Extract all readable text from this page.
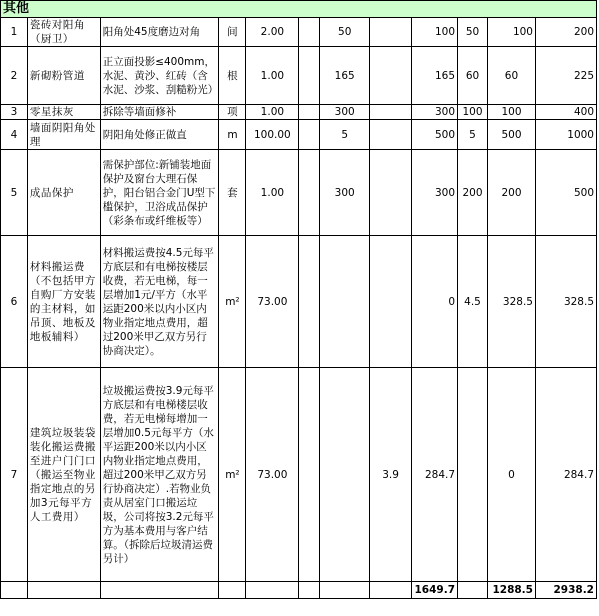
其他
1	瓷砖对阳角（厨卫）	阳角处45度磨边对角	间	2.00		50		100	50	100	200
2	新砌粉管道	正立面投影≤400mm，水泥、黄沙、红砖（含水泥、沙浆、刮糙粉光）	根	1.00		165		165	60	60	225
3	零星抹灰	拆除等墙面修补	项	1.00		300		300	100	100	400
4	墙面阴阳角处理	阴阳角处修正做直	m	100.00		5		500	5	500	1000
5	成品保护	需保护部位:新铺装地面保护及窗台大理石保护，阳台铝合金门U型下槛保护，卫浴成品保护（彩条布或纤维板等）	套	1.00		300		300	200	200	500
6	材料搬运费（不包括甲方自购厂方安装的主材料，如吊顶、地板及地板辅料）	材料搬运费按4.5元每平方底层和有电梯按楼层收费，若无电梯，每一层增加1元/平方（水平运距200米以内小区内物业指定地点费用，超过200米甲乙双方另行协商决定）。	m²	73.00				0	4.5	328.5	328.5
7	建筑垃圾装袋装化搬运费搬至进户门门口（搬运至物业指定地点的另加3元每平方人工费用）	垃圾搬运费按3.9元每平方底层和有电梯楼层收费，若无电梯每增加一层增加0.5元每平方（水平运距200米以内小区内物业指定地点费用，超过200米甲乙双方另行协商决定）.若物业负责从居室门口搬运垃圾，公司将按3.2元每平方为基本费用与客户结算。（拆除后垃圾清运费另计）	m²	73.00			3.9	284.7		0	284.7
								1649.7		1288.5	2938.2
